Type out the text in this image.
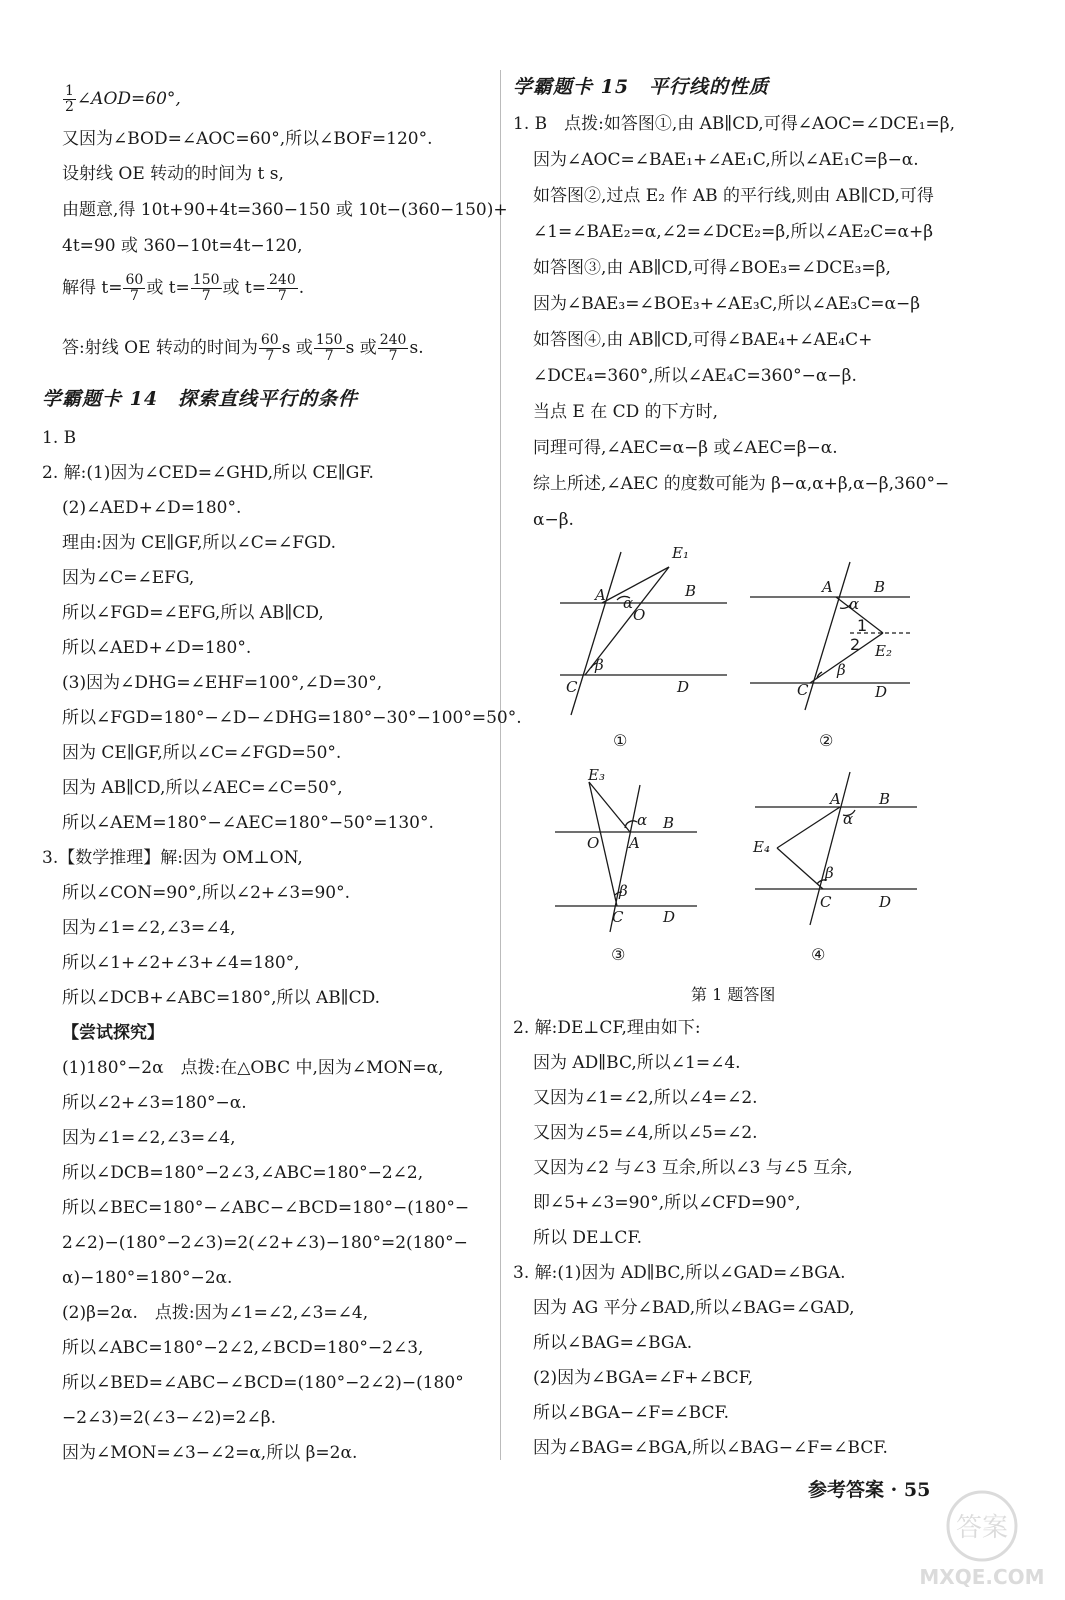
$\frac{1}{2}$ ∠AOD=60°,
又因为∠BOD=∠AOC=60°,所以∠BOF=120°.
设射线 OE 转动的时间为 t s,
由题意,得 10t+90+4t=360−150 或 10t−(360−150)+
4t=90 或 360−10t=4t−120,
解得 $t= \frac{60}{7}$ 或 $t= \frac{150}{7}$ 或 $t= \frac{240}{7}$ .
答:射线 OE 转动的时间为 $\frac{60}{7}$ s 或 $\frac{150}{7}$ s 或 $\frac{240}{7} s$.
学霸题卡 14　探索直线平行的条件
1. B
2. 解:(1)因为∠CED=∠GHD,所以 CE∥GF.
(2)∠AED+∠D=180°.
理由:因为 CE∥GF,所以∠C=∠FGD.
因为∠C=∠EFG,
所以∠FGD=∠EFG,所以 AB∥CD,
所以∠AED+∠D=180°.
(3)因为∠DHG=∠EHF=100°,∠D=30°,
所以∠FGD=180°−∠D−∠DHG=180°−30°−100°=50°.
因为 CE∥GF,所以∠C=∠FGD=50°.
因为 AB∥CD,所以∠AEC=∠C=50°,
所以∠AEM=180°−∠AEC=180°−50°=130°.
3.【数学推理】解:因为 OM⊥ON,
所以∠CON=90°,所以∠2+∠3=90°.
因为∠1=∠2,∠3=∠4,
所以∠1+∠2+∠3+∠4=180°,
所以∠DCB+∠ABC=180°,所以 AB∥CD.
【尝试探究】
(1)180°−2α　点拨:在△OBC 中,因为∠MON=α,
所以∠2+∠3=180°−α.
因为∠1=∠2,∠3=∠4,
所以∠DCB=180°−2∠3,∠ABC=180°−2∠2,
所以∠BEC=180°−∠ABC−∠BCD=180°−(180°−
2∠2)−(180°−2∠3)=2(∠2+∠3)−180°=2(180°−
α)−180°=180°−2α.
(2)β=2α.　点拨:因为∠1=∠2,∠3=∠4,
所以∠ABC=180°−2∠2,∠BCD=180°−2∠3,
所以∠BED=∠ABC−∠BCD=(180°−2∠2)−(180°
−2∠3)=2(∠3−∠2)=2∠β.
因为∠MON=∠3−∠2=α,所以 β=2α.
学霸题卡 15　平行线的性质
1. B　点拨:如答图①,由 AB∥CD,可得∠AOC=∠DCE₁=β,
因为∠AOC=∠BAE₁+∠AE₁C,所以∠AE₁C=β−α.
如答图②,过点 E₂ 作 AB 的平行线,则由 AB∥CD,可得
∠1=∠BAE₂=α,∠2=∠DCE₂=β,所以∠AE₂C=α+β
如答图③,由 AB∥CD,可得∠BOE₃=∠DCE₃=β,
因为∠BAE₃=∠BOE₃+∠AE₃C,所以∠AE₃C=α−β
如答图④,由 AB∥CD,可得∠BAE₄+∠AE₄C+
∠DCE₄=360°,所以∠AE₄C=360°−α−β.
当点 E 在 CD 的下方时,
同理可得,∠AEC=α−β 或∠AEC=β−α.
综上所述,∠AEC 的度数可能为 β−α,α+β,α−β,360°−
α−β.
E₁
A α
O
B
β
C	D
A	B
α
1
2 E₂
β
C	D
E₃
α B
O A
β
C	D
A	B
α
E₄
β
C	D
①	②
③	④
第 1 题答图
2. 解:DE⊥CF,理由如下:
因为 AD∥BC,所以∠1=∠4.
又因为∠1=∠2,所以∠4=∠2.
又因为∠5=∠4,所以∠5=∠2.
又因为∠2 与∠3 互余,所以∠3 与∠5 互余,
即∠5+∠3=90°,所以∠CFD=90°,
所以 DE⊥CF.
3. 解:(1)因为 AD∥BC,所以∠GAD=∠BGA.
因为 AG 平分∠BAD,所以∠BAG=∠GAD,
所以∠BAG=∠BGA.
(2)因为∠BGA=∠F+∠BCF,
所以∠BGA−∠F=∠BCF.
因为∠BAG=∠BGA,所以∠BAG−∠F=∠BCF.
参考答案 · 55
答案
MXQE.COM
